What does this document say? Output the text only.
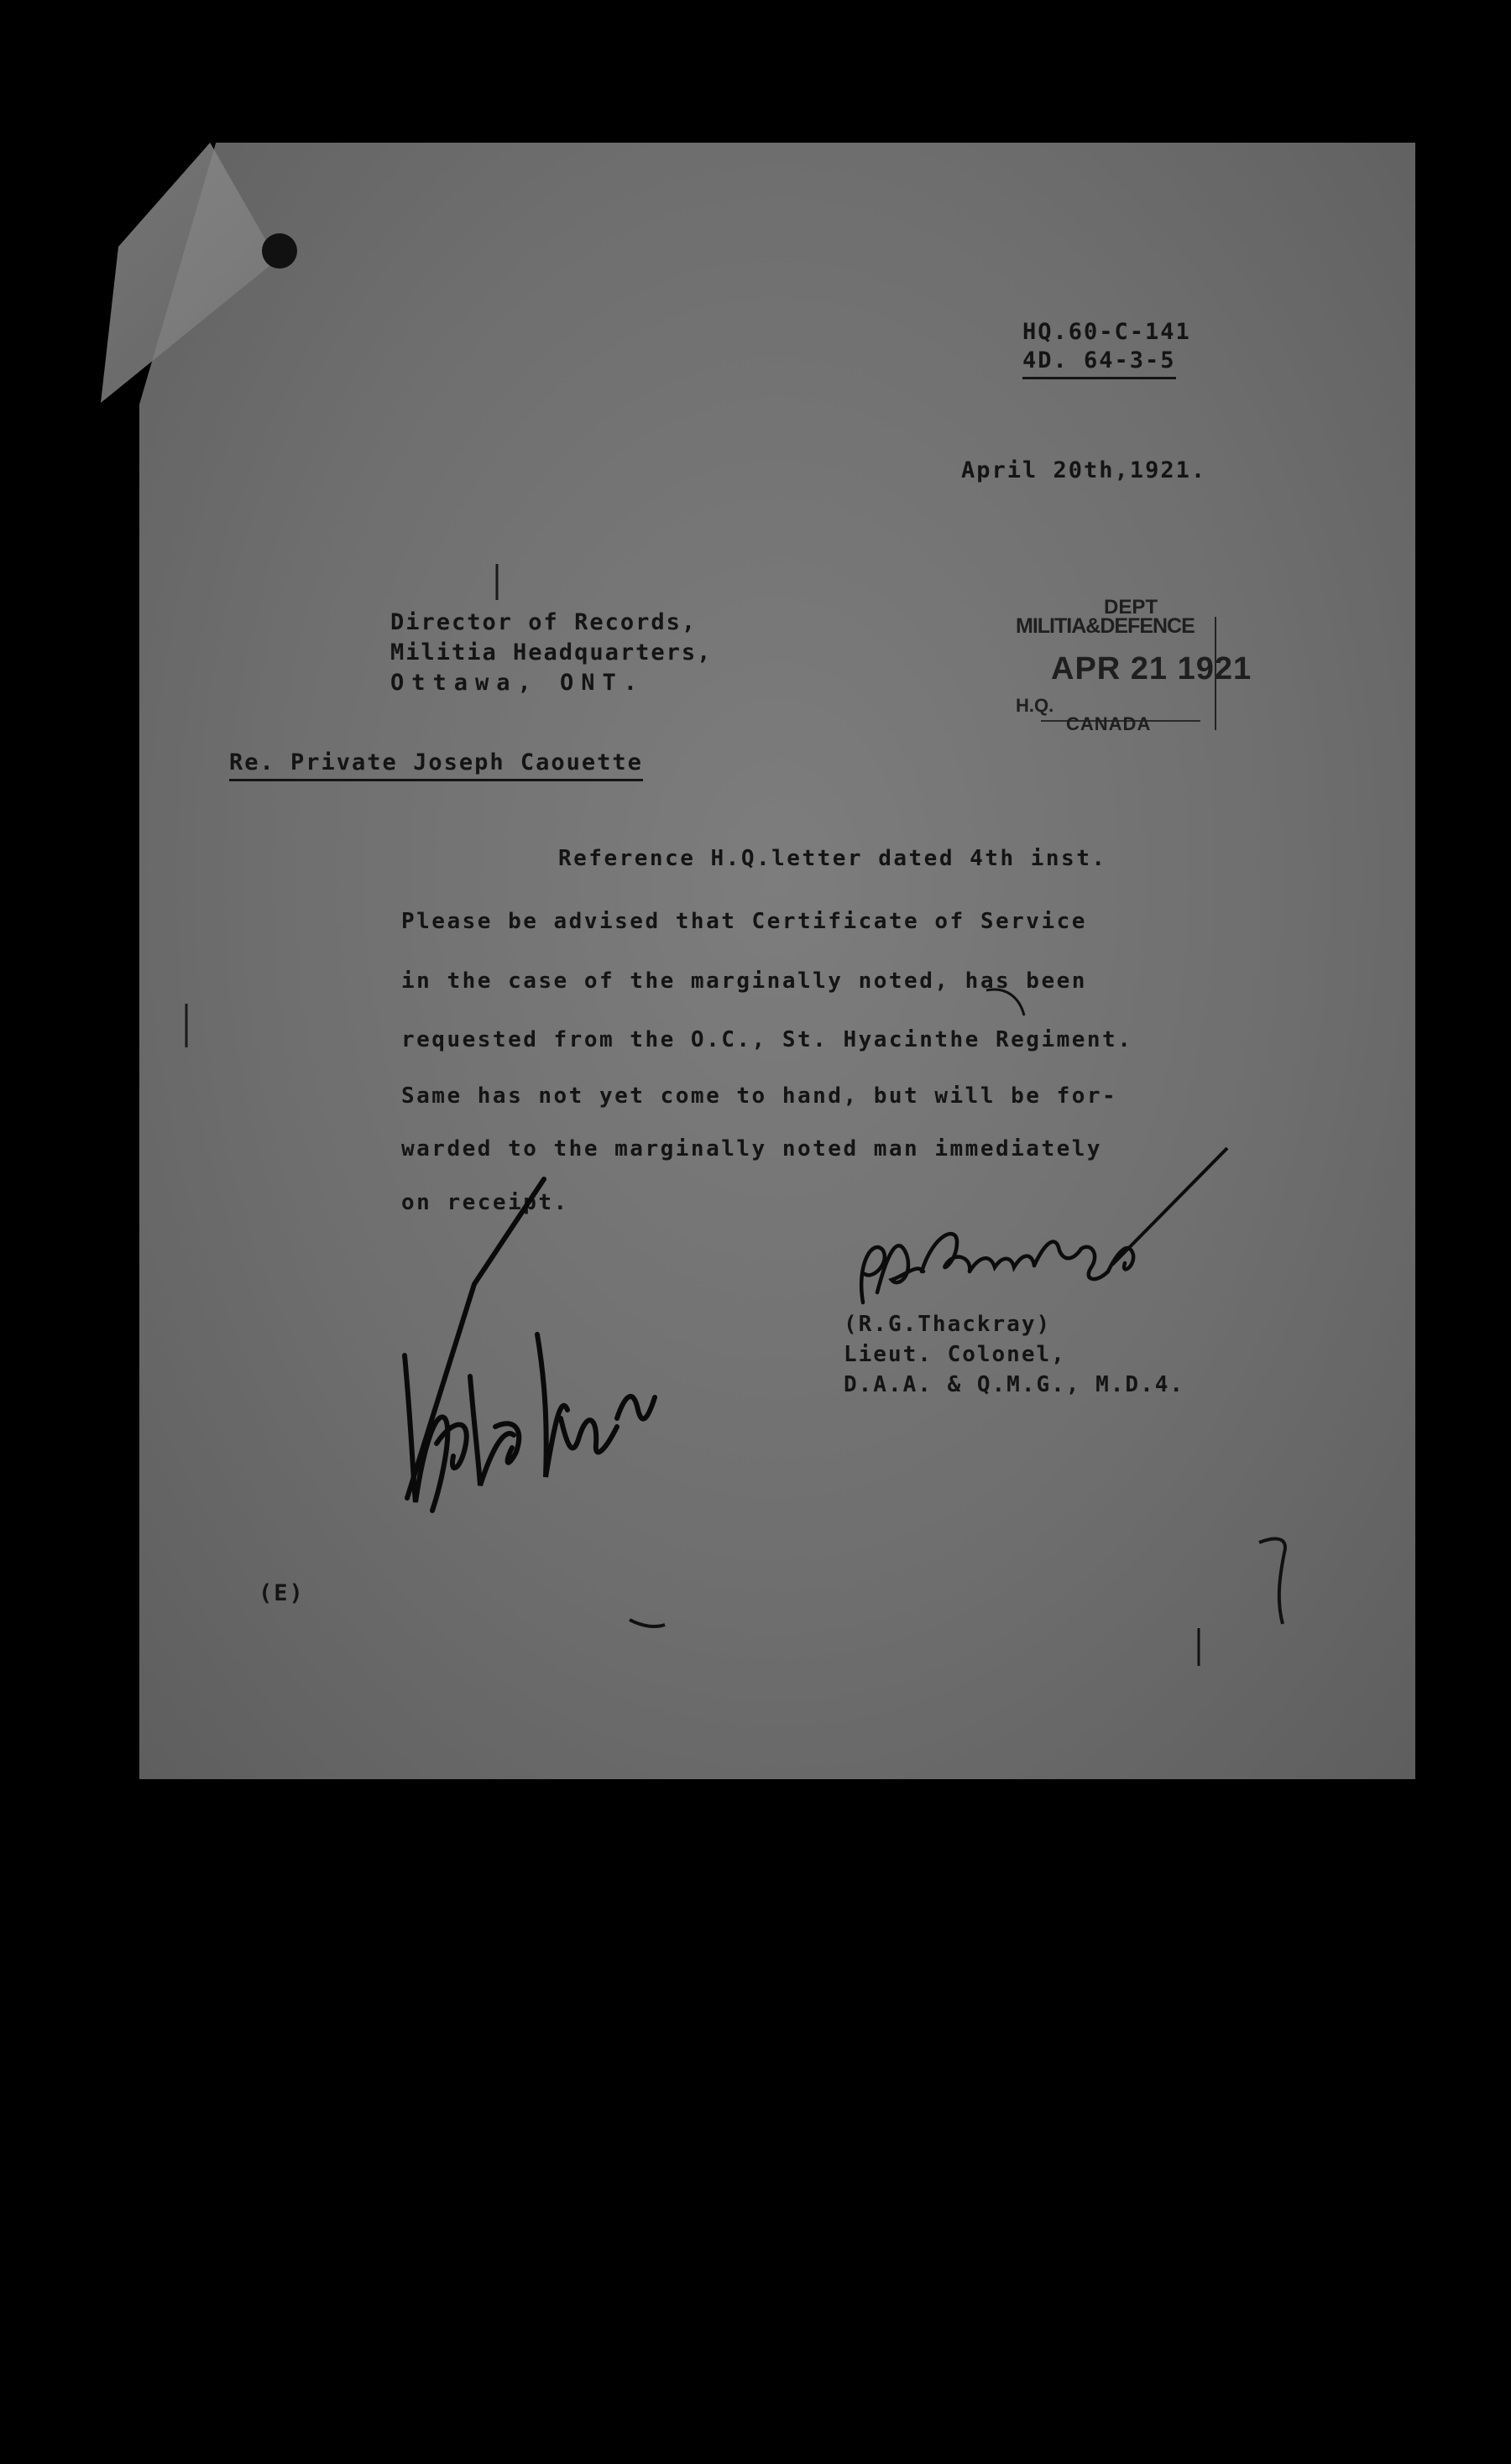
HQ.60-C-141
4D. 64-3-5
April 20th,1921.
Director of Records,
Militia Headquarters,
Ottawa, ONT.
DEPT
MILITIA&DEFENCE
APR 21 1921
H.Q.
CANADA
Re. Private Joseph Caouette
Reference H.Q.letter dated 4th inst.
Please be advised that Certificate of Service
in the case of the marginally noted, has been
requested from the O.C., St. Hyacinthe Regiment.
Same has not yet come to hand, but will be for-
warded to the marginally noted man immediately
on receipt.
(R.G.Thackray)
Lieut. Colonel,
D.A.A. & Q.M.G., M.D.4.
(E)
